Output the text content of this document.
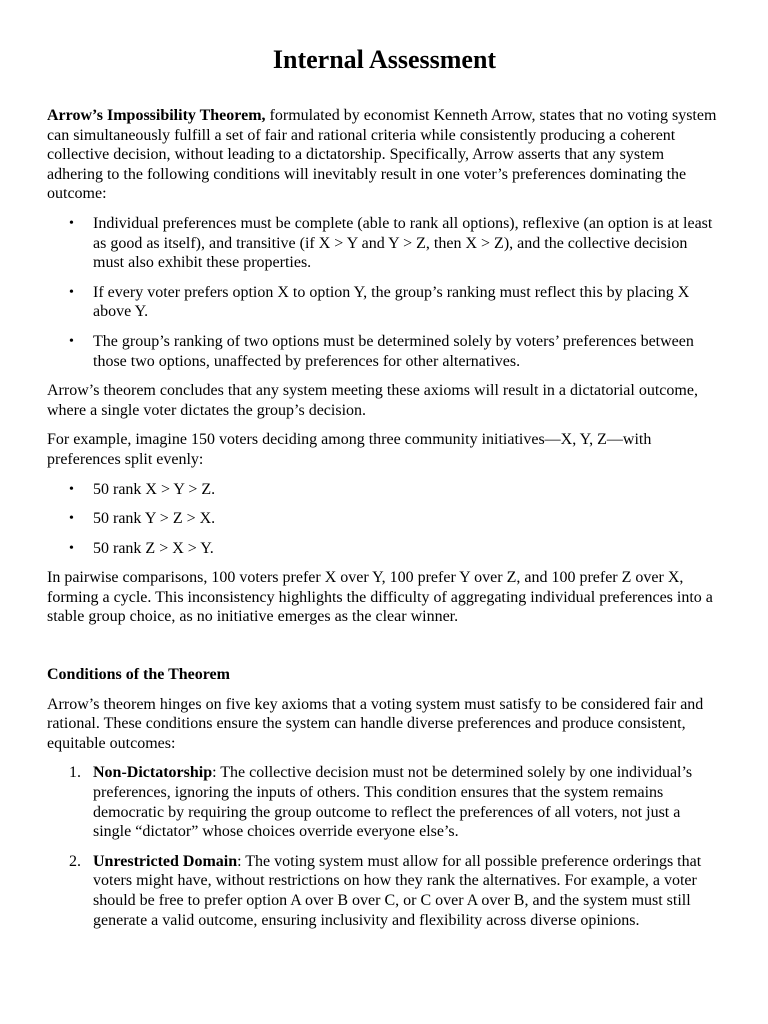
Internal Assessment

Arrow’s Impossibility Theorem, formulated by economist Kenneth Arrow, states that no voting system can simultaneously fulfill a set of fair and rational criteria while consistently producing a coherent collective decision, without leading to a dictatorship. Specifically, Arrow asserts that any system adhering to the following conditions will inevitably result in one voter’s preferences dominating the outcome:

• Individual preferences must be complete (able to rank all options), reflexive (an option is at least as good as itself), and transitive (if X > Y and Y > Z, then X > Z), and the collective decision must also exhibit these properties.
• If every voter prefers option X to option Y, the group’s ranking must reflect this by placing X above Y.
• The group’s ranking of two options must be determined solely by voters’ preferences between those two options, unaffected by preferences for other alternatives.

Arrow’s theorem concludes that any system meeting these axioms will result in a dictatorial outcome, where a single voter dictates the group’s decision.

For example, imagine 150 voters deciding among three community initiatives—X, Y, Z—with preferences split evenly:

• 50 rank X > Y > Z.
• 50 rank Y > Z > X.
• 50 rank Z > X > Y.

In pairwise comparisons, 100 voters prefer X over Y, 100 prefer Y over Z, and 100 prefer Z over X, forming a cycle. This inconsistency highlights the difficulty of aggregating individual preferences into a stable group choice, as no initiative emerges as the clear winner.

Conditions of the Theorem

Arrow’s theorem hinges on five key axioms that a voting system must satisfy to be considered fair and rational. These conditions ensure the system can handle diverse preferences and produce consistent, equitable outcomes:

1. Non-Dictatorship: The collective decision must not be determined solely by one individual’s preferences, ignoring the inputs of others. This condition ensures that the system remains democratic by requiring the group outcome to reflect the preferences of all voters, not just a single “dictator” whose choices override everyone else’s.
2. Unrestricted Domain: The voting system must allow for all possible preference orderings that voters might have, without restrictions on how they rank the alternatives. For example, a voter should be free to prefer option A over B over C, or C over A over B, and the system must still generate a valid outcome, ensuring inclusivity and flexibility across diverse opinions.
